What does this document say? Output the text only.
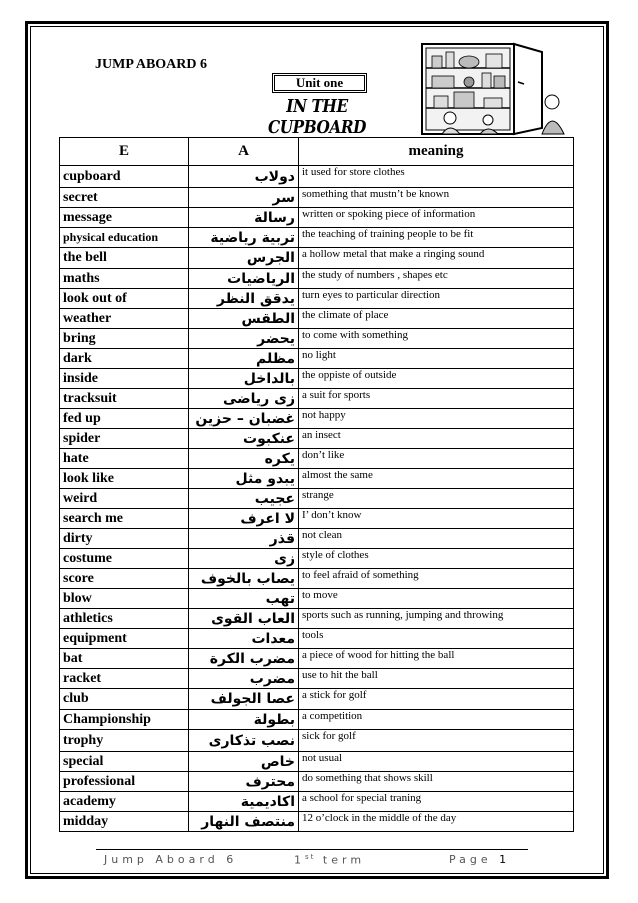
JUMP ABOARD 6
Unit one
IN THE CUPBOARD
E	A	meaning
cupboard	دولاب	it used for store clothes
secret	سر	something that mustn’t be known
message	رسالة	written or spoking piece of information
physical education	تربية رياضية	the teaching of training people to be fit
the bell	الجرس	a hollow metal that make a ringing sound
maths	الرياضيات	the study of numbers , shapes etc
look out of	يدقق النظر	turn eyes to particular direction
weather	الطقس	the climate of place
bring	يحضر	to come with something
dark	مظلم	no light
inside	بالداخل	the oppiste of outside
tracksuit	زى رياضى	a suit for sports
fed up	غضبان – حزين	not happy
spider	عنكبوت	an insect
hate	يكره	don’t like
look like	يبدو مثل	almost the same
weird	عجيب	strange
search me	لا اعرف	I’ don’t know
dirty	قذر	not clean
costume	زى	style of clothes
score	يصاب بالخوف	to feel afraid of something
blow	تهب	to move
athletics	العاب القوى	sports such as running, jumping and throwing
equipment	معدات	tools
bat	مضرب الكرة	a piece of wood for hitting the ball
racket	مضرب	use to hit the ball
club	عصا الجولف	a stick for golf
Championship	بطولة	a competition
trophy	نصب تذكارى	sick for golf
special	خاص	not usual
professional	محترف	do something that shows skill
academy	اكاديمية	a school for special traning
midday	منتصف النهار	12 o’clock in the middle of the day
Jump Aboard 6	1st term	Page 1
